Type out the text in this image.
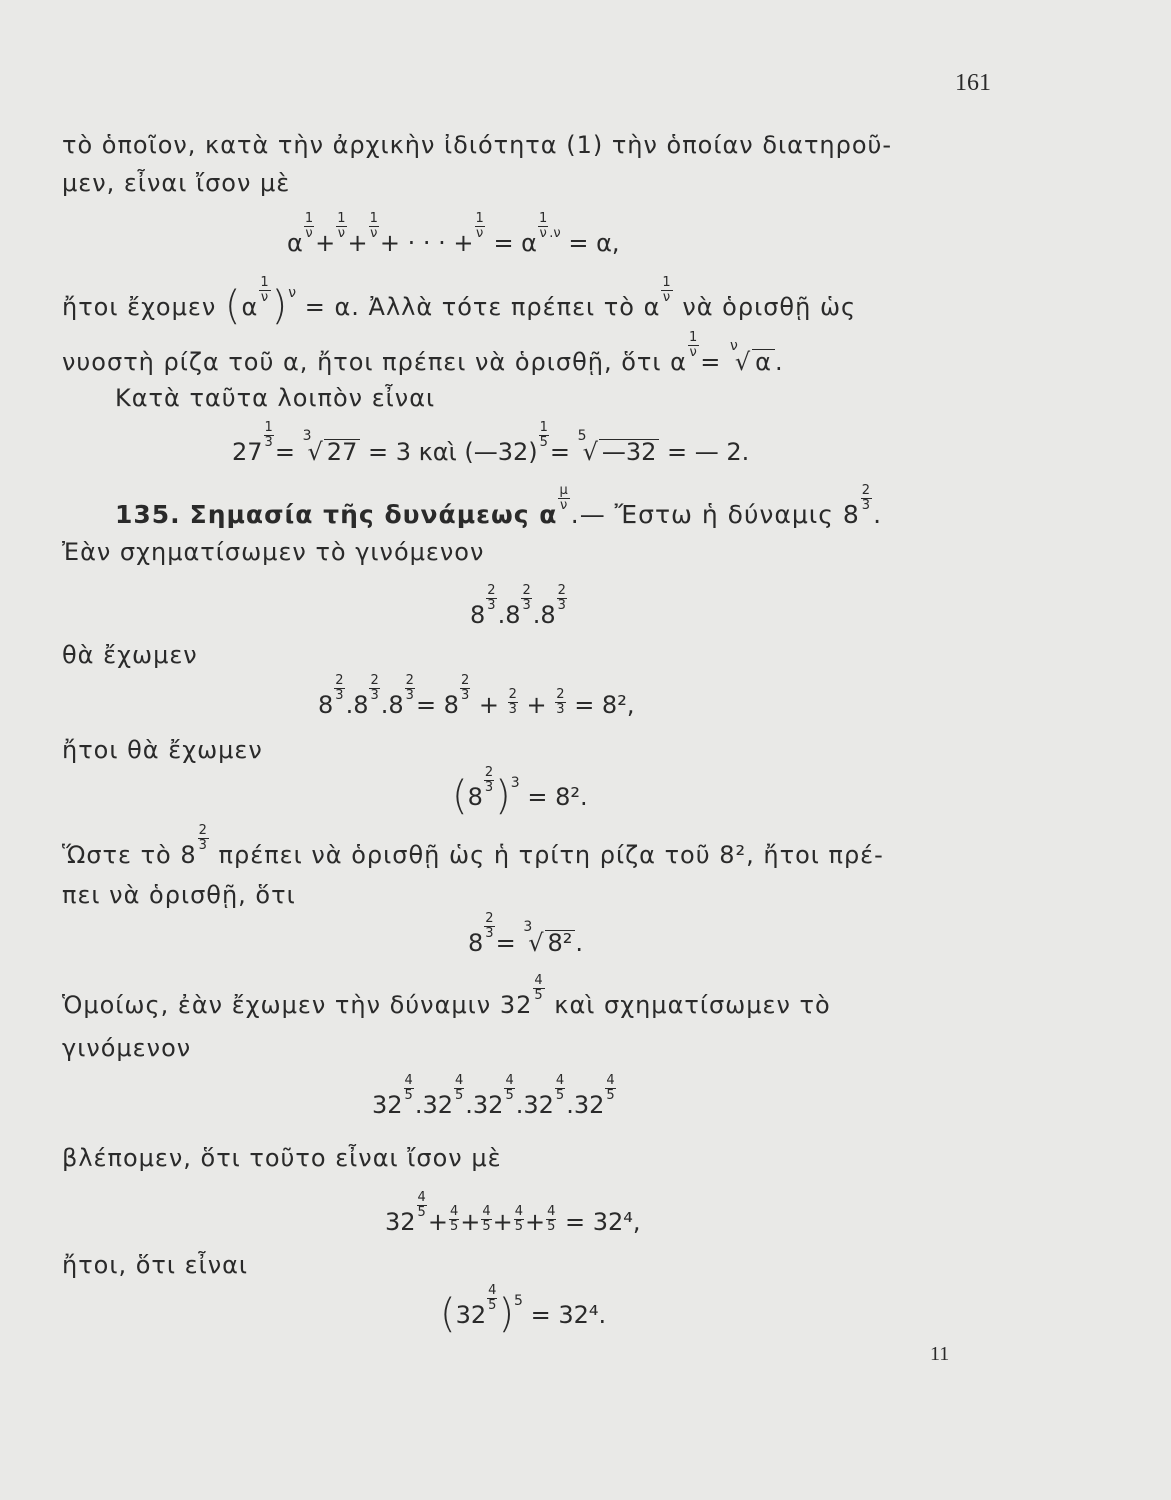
161
τὸ ὁποῖον, κατὰ τὴν ἀρχικὴν ἰδιότητα (1) τὴν ὁποίαν διατηροῦ-
μεν, εἶναι ἴσον μὲ
α
$\frac{1}{\nu}$
+
$\frac{1}{\nu}$
+
$\frac{1}{\nu}$
+ · · · +
$\frac{1}{\nu}$
= α
$\frac{1}{\nu} ^{.\nu} = \alpha$,
ἤτοι ἔχομεν (α
$\frac{1}{\nu} )^\nu = \alpha$. Ἀλλὰ τότε πρέπει τὸ α
$\frac{1}{\nu}$
νὰ ὁρισθῇ ὡς
νυοστὴ ρίζα τοῦ α, ἤτοι πρέπει νὰ ὁρισθῇ, ὅτι α
$\frac{1}{\nu}$
= $^\nu$√ α .
Κατὰ ταῦτα λοιπὸν εἶναι
27
$\frac{1}{3}$
= $^3$√ 27 = 3 καὶ (—32)
$\frac{1}{5}$
= $^5$√ —32 = — 2.
135. Σημασία τῆς δυνάμεως α
$\frac{\mu}{\nu}$
.— Ἔστω ἡ δύναμις 8
$\frac{2}{3}$
.
Ἐὰν σχηματίσωμεν τὸ γινόμενον
8
$\frac{2}{3}$
.8
$\frac{2}{3}$
.8
$\frac{2}{3}$
θὰ ἔχωμεν
8
$\frac{2}{3}$
.8
$\frac{2}{3}$
.8
$\frac{2}{3}$
= 8
$\frac{2}{3}$
+ $\frac{2}{3} + \frac{2}{3} = 8^2$,
ἤτοι θὰ ἔχωμεν
(8
$\frac{2}{3} )^3 = 8^2$.
Ὥστε τὸ 8
$\frac{2}{3}$
πρέπει νὰ ὁρισθῇ ὡς ἡ τρίτη ρίζα τοῦ 8², ἤτοι πρέ-
πει νὰ ὁρισθῇ, ὅτι
8
$\frac{2}{3}$
= $^3$√ 8² .
Ὁμοίως, ἐὰν ἔχωμεν τὴν δύναμιν 32
$\frac{4}{5}$
καὶ σχηματίσωμεν τὸ
γινόμενον
32
$\frac{4}{5}$
.32
$\frac{4}{5}$
.32
$\frac{4}{5}$
.32
$\frac{4}{5}$
.32
$\frac{4}{5}$
βλέπομεν, ὅτι τοῦτο εἶναι ἴσον μὲ
32
$\frac{4}{5}$
+ $\frac{4}{5} + \frac{4}{5} + \frac{4}{5} + \frac{4}{5} = 32^4$,
ἤτοι, ὅτι εἶναι
(32
$\frac{4}{5} )^5 = 32^4$.
11
